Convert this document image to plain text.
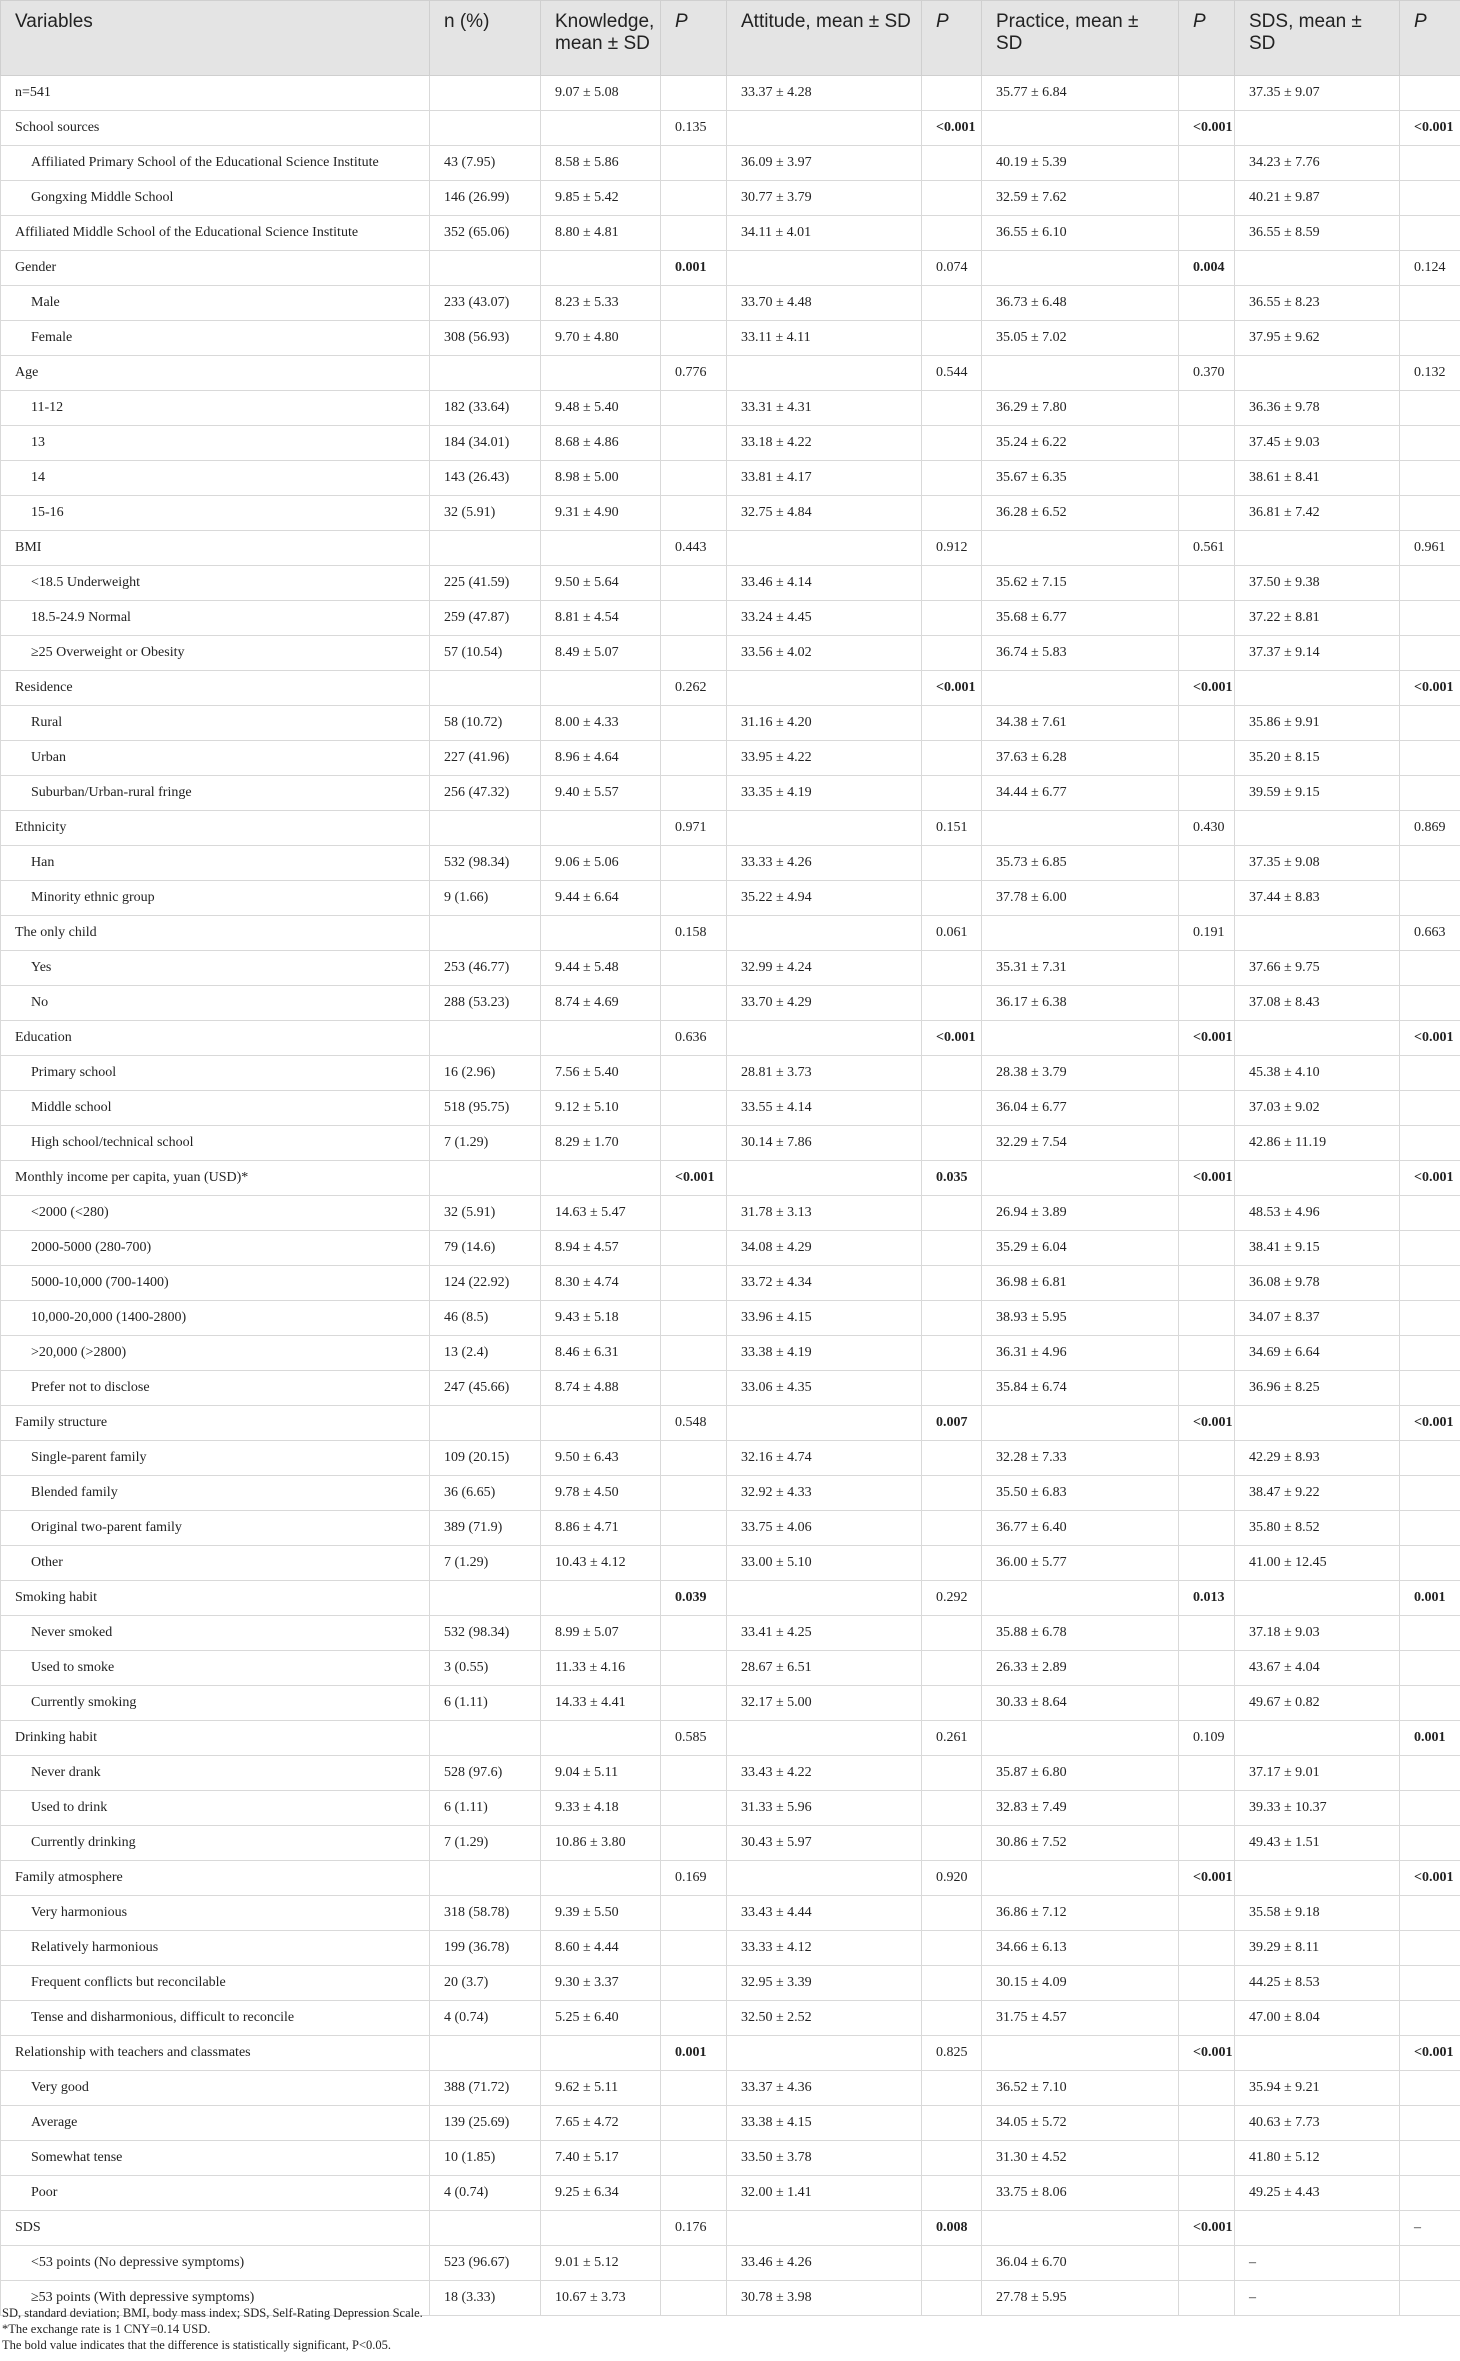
Variables	n (%)	Knowledge, mean ± SD	P	Attitude, mean ± SD	P	Practice, mean ± SD	P	SDS, mean ± SD	P
n=541		9.07 ± 5.08		33.37 ± 4.28		35.77 ± 6.84		37.35 ± 9.07	
School sources			0.135		<0.001		<0.001		<0.001
Affiliated Primary School of the Educational Science Institute	43 (7.95)	8.58 ± 5.86		36.09 ± 3.97		40.19 ± 5.39		34.23 ± 7.76	
Gongxing Middle School	146 (26.99)	9.85 ± 5.42		30.77 ± 3.79		32.59 ± 7.62		40.21 ± 9.87	
Affiliated Middle School of the Educational Science Institute	352 (65.06)	8.80 ± 4.81		34.11 ± 4.01		36.55 ± 6.10		36.55 ± 8.59	
Gender			0.001		0.074		0.004		0.124
Male	233 (43.07)	8.23 ± 5.33		33.70 ± 4.48		36.73 ± 6.48		36.55 ± 8.23	
Female	308 (56.93)	9.70 ± 4.80		33.11 ± 4.11		35.05 ± 7.02		37.95 ± 9.62	
Age			0.776		0.544		0.370		0.132
11-12	182 (33.64)	9.48 ± 5.40		33.31 ± 4.31		36.29 ± 7.80		36.36 ± 9.78	
13	184 (34.01)	8.68 ± 4.86		33.18 ± 4.22		35.24 ± 6.22		37.45 ± 9.03	
14	143 (26.43)	8.98 ± 5.00		33.81 ± 4.17		35.67 ± 6.35		38.61 ± 8.41	
15-16	32 (5.91)	9.31 ± 4.90		32.75 ± 4.84		36.28 ± 6.52		36.81 ± 7.42	
BMI			0.443		0.912		0.561		0.961
<18.5 Underweight	225 (41.59)	9.50 ± 5.64		33.46 ± 4.14		35.62 ± 7.15		37.50 ± 9.38	
18.5-24.9 Normal	259 (47.87)	8.81 ± 4.54		33.24 ± 4.45		35.68 ± 6.77		37.22 ± 8.81	
≥25 Overweight or Obesity	57 (10.54)	8.49 ± 5.07		33.56 ± 4.02		36.74 ± 5.83		37.37 ± 9.14	
Residence			0.262		<0.001		<0.001		<0.001
Rural	58 (10.72)	8.00 ± 4.33		31.16 ± 4.20		34.38 ± 7.61		35.86 ± 9.91	
Urban	227 (41.96)	8.96 ± 4.64		33.95 ± 4.22		37.63 ± 6.28		35.20 ± 8.15	
Suburban/Urban-rural fringe	256 (47.32)	9.40 ± 5.57		33.35 ± 4.19		34.44 ± 6.77		39.59 ± 9.15	
Ethnicity			0.971		0.151		0.430		0.869
Han	532 (98.34)	9.06 ± 5.06		33.33 ± 4.26		35.73 ± 6.85		37.35 ± 9.08	
Minority ethnic group	9 (1.66)	9.44 ± 6.64		35.22 ± 4.94		37.78 ± 6.00		37.44 ± 8.83	
The only child			0.158		0.061		0.191		0.663
Yes	253 (46.77)	9.44 ± 5.48		32.99 ± 4.24		35.31 ± 7.31		37.66 ± 9.75	
No	288 (53.23)	8.74 ± 4.69		33.70 ± 4.29		36.17 ± 6.38		37.08 ± 8.43	
Education			0.636		<0.001		<0.001		<0.001
Primary school	16 (2.96)	7.56 ± 5.40		28.81 ± 3.73		28.38 ± 3.79		45.38 ± 4.10	
Middle school	518 (95.75)	9.12 ± 5.10		33.55 ± 4.14		36.04 ± 6.77		37.03 ± 9.02	
High school/technical school	7 (1.29)	8.29 ± 1.70		30.14 ± 7.86		32.29 ± 7.54		42.86 ± 11.19	
Monthly income per capita, yuan (USD)*			<0.001		0.035		<0.001		<0.001
<2000 (<280)	32 (5.91)	14.63 ± 5.47		31.78 ± 3.13		26.94 ± 3.89		48.53 ± 4.96	
2000-5000 (280-700)	79 (14.6)	8.94 ± 4.57		34.08 ± 4.29		35.29 ± 6.04		38.41 ± 9.15	
5000-10,000 (700-1400)	124 (22.92)	8.30 ± 4.74		33.72 ± 4.34		36.98 ± 6.81		36.08 ± 9.78	
10,000-20,000 (1400-2800)	46 (8.5)	9.43 ± 5.18		33.96 ± 4.15		38.93 ± 5.95		34.07 ± 8.37	
>20,000 (>2800)	13 (2.4)	8.46 ± 6.31		33.38 ± 4.19		36.31 ± 4.96		34.69 ± 6.64	
Prefer not to disclose	247 (45.66)	8.74 ± 4.88		33.06 ± 4.35		35.84 ± 6.74		36.96 ± 8.25	
Family structure			0.548		0.007		<0.001		<0.001
Single-parent family	109 (20.15)	9.50 ± 6.43		32.16 ± 4.74		32.28 ± 7.33		42.29 ± 8.93	
Blended family	36 (6.65)	9.78 ± 4.50		32.92 ± 4.33		35.50 ± 6.83		38.47 ± 9.22	
Original two-parent family	389 (71.9)	8.86 ± 4.71		33.75 ± 4.06		36.77 ± 6.40		35.80 ± 8.52	
Other	7 (1.29)	10.43 ± 4.12		33.00 ± 5.10		36.00 ± 5.77		41.00 ± 12.45	
Smoking habit			0.039		0.292		0.013		0.001
Never smoked	532 (98.34)	8.99 ± 5.07		33.41 ± 4.25		35.88 ± 6.78		37.18 ± 9.03	
Used to smoke	3 (0.55)	11.33 ± 4.16		28.67 ± 6.51		26.33 ± 2.89		43.67 ± 4.04	
Currently smoking	6 (1.11)	14.33 ± 4.41		32.17 ± 5.00		30.33 ± 8.64		49.67 ± 0.82	
Drinking habit			0.585		0.261		0.109		0.001
Never drank	528 (97.6)	9.04 ± 5.11		33.43 ± 4.22		35.87 ± 6.80		37.17 ± 9.01	
Used to drink	6 (1.11)	9.33 ± 4.18		31.33 ± 5.96		32.83 ± 7.49		39.33 ± 10.37	
Currently drinking	7 (1.29)	10.86 ± 3.80		30.43 ± 5.97		30.86 ± 7.52		49.43 ± 1.51	
Family atmosphere			0.169		0.920		<0.001		<0.001
Very harmonious	318 (58.78)	9.39 ± 5.50		33.43 ± 4.44		36.86 ± 7.12		35.58 ± 9.18	
Relatively harmonious	199 (36.78)	8.60 ± 4.44		33.33 ± 4.12		34.66 ± 6.13		39.29 ± 8.11	
Frequent conflicts but reconcilable	20 (3.7)	9.30 ± 3.37		32.95 ± 3.39		30.15 ± 4.09		44.25 ± 8.53	
Tense and disharmonious, difficult to reconcile	4 (0.74)	5.25 ± 6.40		32.50 ± 2.52		31.75 ± 4.57		47.00 ± 8.04	
Relationship with teachers and classmates			0.001		0.825		<0.001		<0.001
Very good	388 (71.72)	9.62 ± 5.11		33.37 ± 4.36		36.52 ± 7.10		35.94 ± 9.21	
Average	139 (25.69)	7.65 ± 4.72		33.38 ± 4.15		34.05 ± 5.72		40.63 ± 7.73	
Somewhat tense	10 (1.85)	7.40 ± 5.17		33.50 ± 3.78		31.30 ± 4.52		41.80 ± 5.12	
Poor	4 (0.74)	9.25 ± 6.34		32.00 ± 1.41		33.75 ± 8.06		49.25 ± 4.43	
SDS			0.176		0.008		<0.001		–
<53 points (No depressive symptoms)	523 (96.67)	9.01 ± 5.12		33.46 ± 4.26		36.04 ± 6.70		–	
≥53 points (With depressive symptoms)	18 (3.33)	10.67 ± 3.73		30.78 ± 3.98		27.78 ± 5.95		–	
SD, standard deviation; BMI, body mass index; SDS, Self-Rating Depression Scale.
*The exchange rate is 1 CNY=0.14 USD.
The bold value indicates that the difference is statistically significant, P<0.05.
